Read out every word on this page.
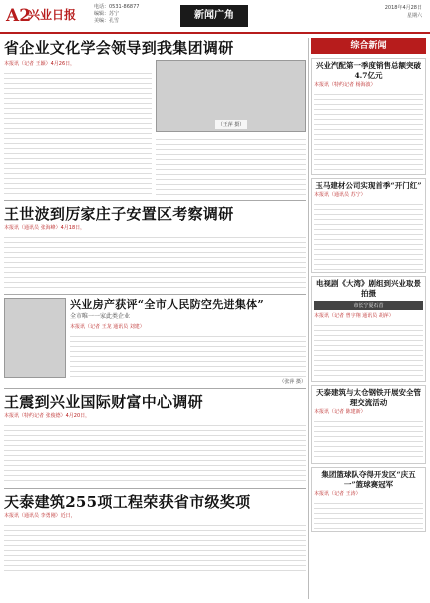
A2
兴业日报
电话：0531-86877
编辑：苏宁
美编：孔雪	新闻广角
2018年4月28日
星期六
省企业文化学会领导到我集团调研
本报讯（记者 王颖）4月26日，
（王萍 摄）
王世波到厉家庄子安置区考察调研
本报讯（通讯员 张海峰）4月18日，
兴业房产获评“全市人民防空先进集体”
全市唯一一家此类企业
本报讯（记者 王龙 通讯员 刘建）
（张萍 摄）
王震到兴业国际财富中心调研
本报讯（特约记者 张俊德）4月20日，
天泰建筑255项工程荣获省市级奖项
本报讯（通讯员 李勇刚）近日，
综合新闻
兴业汽配第一季度销售总额突破4.7亿元
本报讯（特约记者 杨海波）
玉马建材公司实现首季“开门红”
本报讯（通讯员 苏宁）
电视剧《大湾》剧组到兴业取景拍摄
市长宁夏石首
本报讯（记者 曾宇翔 通讯员 胡萍）
天泰建筑与太仓钢铁开展安全管理交流活动
本报讯（记者 陈建新）
集团篮球队夺得开发区“庆五一”篮球赛冠军
本报讯（记者 王涛）
